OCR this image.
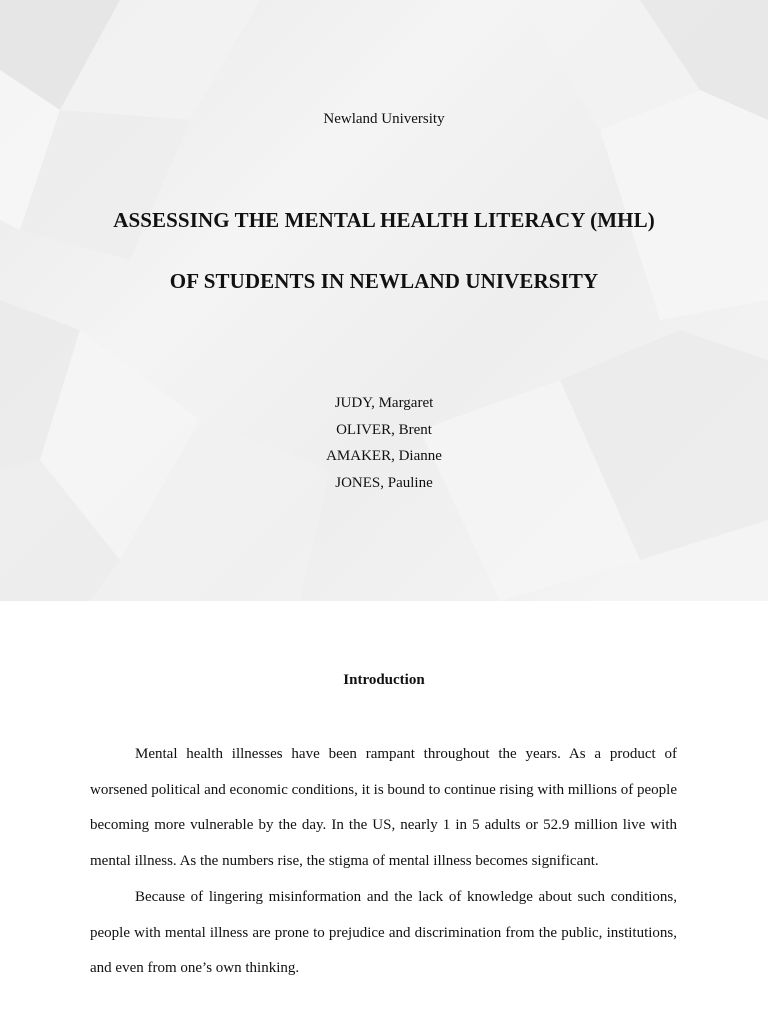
Newland University
ASSESSING THE MENTAL HEALTH LITERACY (MHL)
OF STUDENTS IN NEWLAND UNIVERSITY
JUDY, Margaret
OLIVER, Brent
AMAKER, Dianne
JONES, Pauline
Introduction

Mental health illnesses have been rampant throughout the years. As a product of worsened political and economic conditions, it is bound to continue rising with millions of people becoming more vulnerable by the day. In the US, nearly 1 in 5 adults or 52.9 million live with mental illness. As the numbers rise, the stigma of mental illness becomes significant.

Because of lingering misinformation and the lack of knowledge about such conditions, people with mental illness are prone to prejudice and discrimination from the public, institutions, and even from one’s own thinking.
